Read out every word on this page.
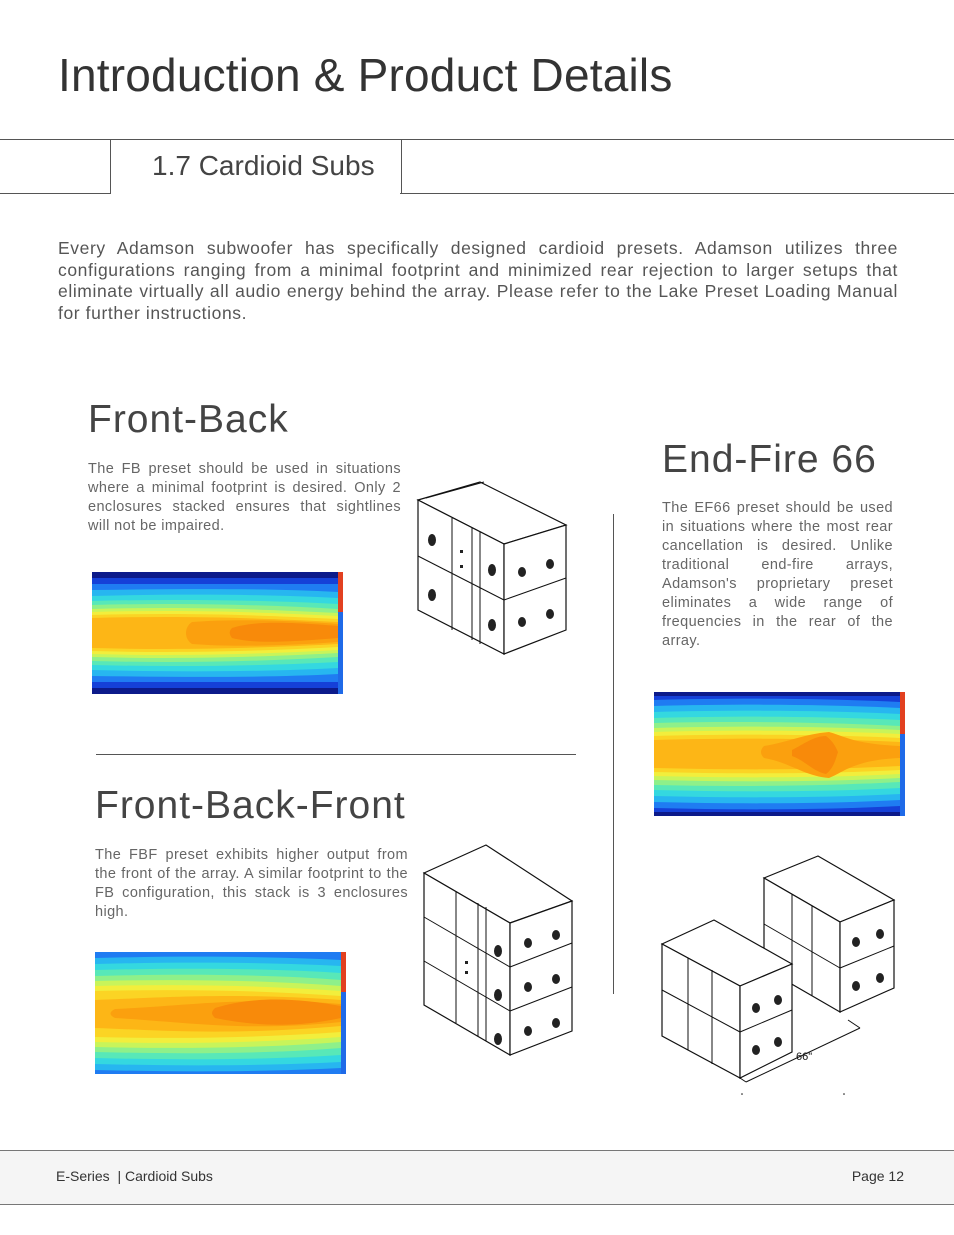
Introduction & Product Details
1.7 Cardioid Subs

Every Adamson subwoofer has specifically designed cardioid presets. Adamson utilizes three configurations ranging from a minimal footprint and minimized rear rejection to larger setups that eliminate virtually all audio energy behind the array. Please refer to the Lake Preset Loading Manual for further instructions.

Front-Back

The FB preset should be used in situations where a minimal footprint is desired. Only 2 enclosures stacked ensures that sightlines will not be impaired.

Front-Back-Front

The FBF preset exhibits higher output from the front of the array. A similar footprint to the FB configuration, this stack is 3 enclosures high.

End-Fire 66

The EF66 preset should be used in situations where the most rear cancellation is desired. Unlike traditional end-fire arrays, Adamson's proprietary preset eliminates a wide range of frequencies in the rear of the array.

66"
E-Series  | Cardioid Subs	Page 12
